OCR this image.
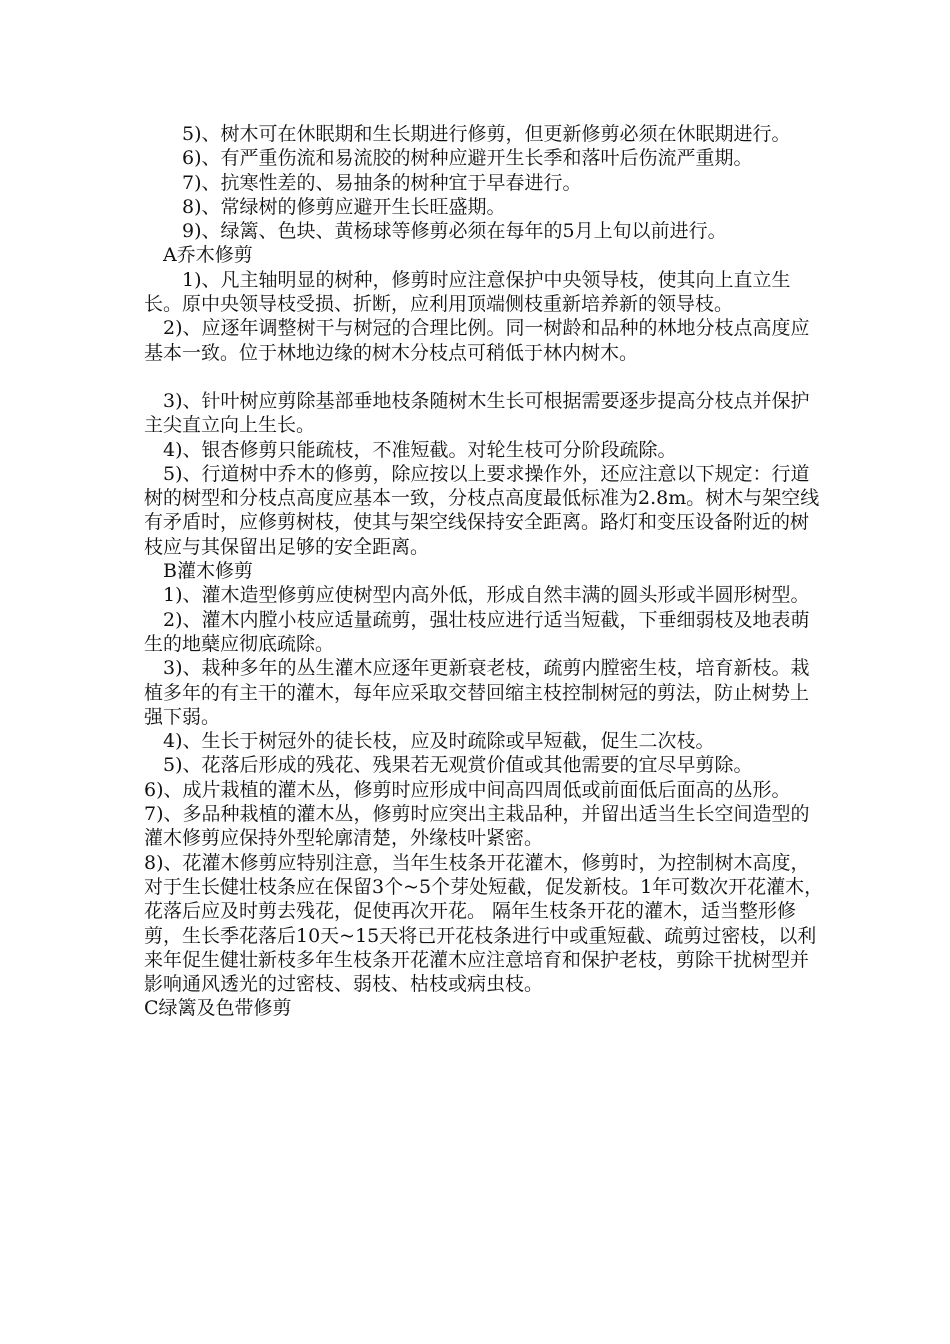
5)、树木可在休眠期和生长期进行修剪，但更新修剪必须在休眠期进行。

6)、有严重伤流和易流胶的树种应避开生长季和落叶后伤流严重期。

7)、抗寒性差的、易抽条的树种宜于早春进行。

8)、常绿树的修剪应避开生长旺盛期。

9)、绿篱、色块、黄杨球等修剪必须在每年的5月上旬以前进行。

A乔木修剪

1)、凡主轴明显的树种，修剪时应注意保护中央领导枝，使其向上直立生长。原中央领导枝受损、折断，应利用顶端侧枝重新培养新的领导枝。

2)、应逐年调整树干与树冠的合理比例。同一树龄和品种的林地分枝点高度应基本一致。位于林地边缘的树木分枝点可稍低于林内树木。

3)、针叶树应剪除基部垂地枝条随树木生长可根据需要逐步提高分枝点并保护主尖直立向上生长。

4)、银杏修剪只能疏枝，不准短截。对轮生枝可分阶段疏除。

5)、行道树中乔木的修剪，除应按以上要求操作外，还应注意以下规定：行道树的树型和分枝点高度应基本一致，分枝点高度最低标准为2.8m。树木与架空线有矛盾时，应修剪树枝，使其与架空线保持安全距离。路灯和变压设备附近的树枝应与其保留出足够的安全距离。

B灌木修剪

1)、灌木造型修剪应使树型内高外低，形成自然丰满的圆头形或半圆形树型。

2)、灌木内膛小枝应适量疏剪，强壮枝应进行适当短截，下垂细弱枝及地表萌生的地蘖应彻底疏除。

3)、栽种多年的丛生灌木应逐年更新衰老枝，疏剪内膛密生枝，培育新枝。栽植多年的有主干的灌木，每年应采取交替回缩主枝控制树冠的剪法，防止树势上强下弱。

4)、生长于树冠外的徒长枝，应及时疏除或早短截，促生二次枝。

5)、花落后形成的残花、残果若无观赏价值或其他需要的宜尽早剪除。

6)、成片栽植的灌木丛，修剪时应形成中间高四周低或前面低后面高的丛形。

7)、多品种栽植的灌木丛，修剪时应突出主栽品种，并留出适当生长空间造型的灌木修剪应保持外型轮廓清楚，外缘枝叶紧密。

8)、花灌木修剪应特别注意，当年生枝条开花灌木，修剪时，为控制树木高度，对于生长健壮枝条应在保留3个~5个芽处短截，促发新枝。1年可数次开花灌木，花落后应及时剪去残花，促使再次开花。 隔年生枝条开花的灌木，适当整形修剪，生长季花落后10天~15天将已开花枝条进行中或重短截、疏剪过密枝，以利来年促生健壮新枝多年生枝条开花灌木应注意培育和保护老枝，剪除干扰树型并影响通风透光的过密枝、弱枝、枯枝或病虫枝。

C绿篱及色带修剪
